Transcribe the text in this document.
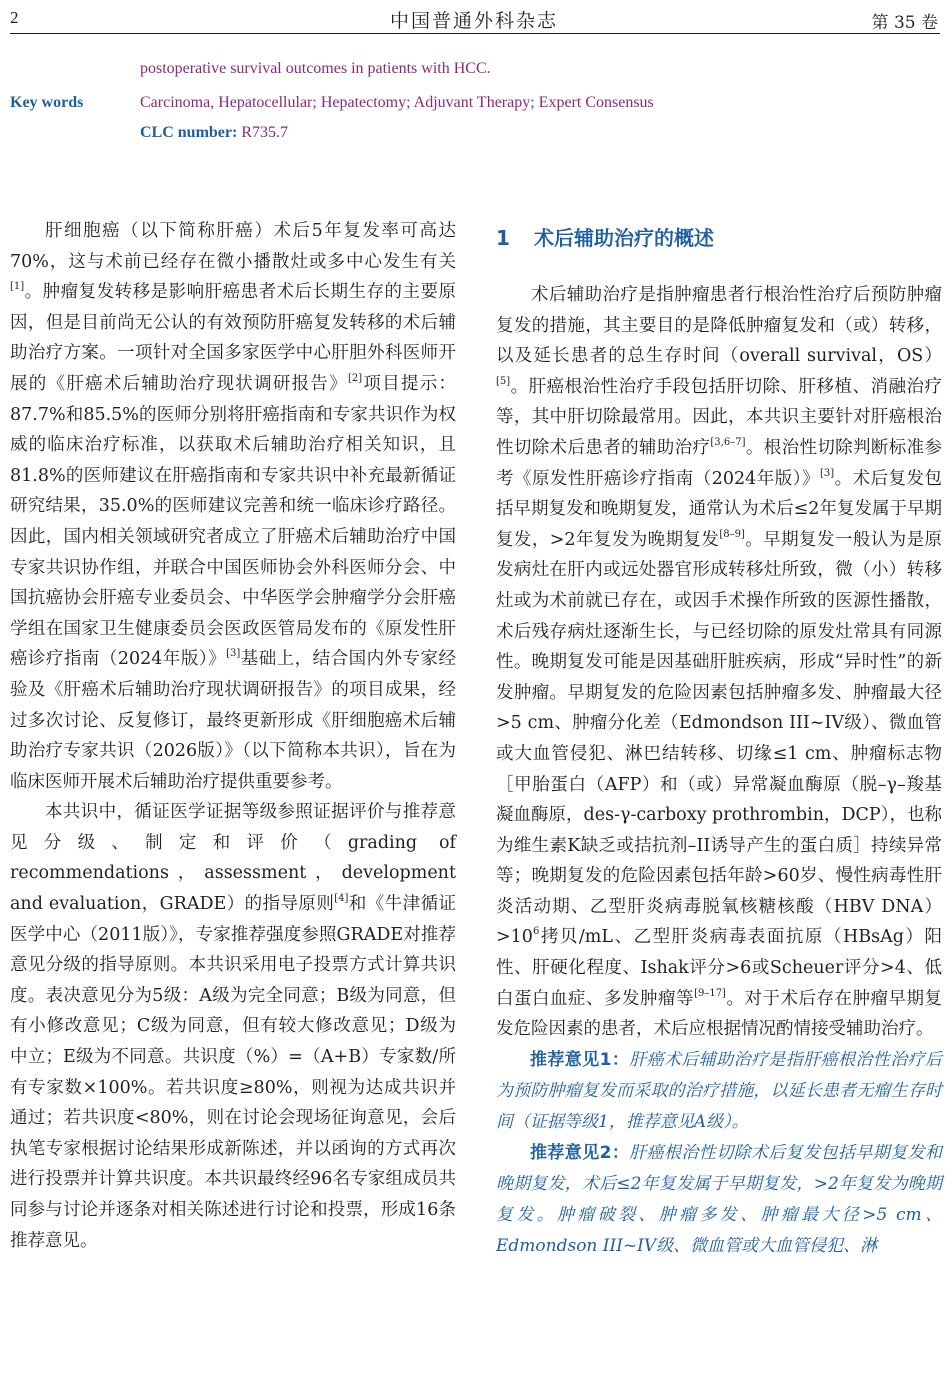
2	中国普通外科杂志	第 35 卷
postoperative survival outcomes in patients with HCC.
Key words	Carcinoma, Hepatocellular; Hepatectomy; Adjuvant Therapy; Expert Consensus
CLC number: R735.7

肝细胞癌（以下简称肝癌）术后5年复发率可高达70%，这与术前已经存在微小播散灶或多中心发生有关[1]。肿瘤复发转移是影响肝癌患者术后长期生存的主要原因，但是目前尚无公认的有效预防肝癌复发转移的术后辅助治疗方案。一项针对全国多家医学中心肝胆外科医师开展的《肝癌术后辅助治疗现状调研报告》[2]项目提示：87.7%和85.5%的医师分别将肝癌指南和专家共识作为权威的临床治疗标准，以获取术后辅助治疗相关知识，且81.8%的医师建议在肝癌指南和专家共识中补充最新循证研究结果，35.0%的医师建议完善和统一临床诊疗路径。因此，国内相关领域研究者成立了肝癌术后辅助治疗中国专家共识协作组，并联合中国医师协会外科医师分会、中国抗癌协会肝癌专业委员会、中华医学会肿瘤学分会肝癌学组在国家卫生健康委员会医政医管局发布的《原发性肝癌诊疗指南（2024年版）》[3]基础上，结合国内外专家经验及《肝癌术后辅助治疗现状调研报告》的项目成果，经过多次讨论、反复修订，最终更新形成《肝细胞癌术后辅助治疗专家共识（2026版）》（以下简称本共识），旨在为临床医师开展术后辅助治疗提供重要参考。

本共识中，循证医学证据等级参照证据评价与推荐意见分级、制定和评价（grading of recommendations，assessment，development and evaluation，GRADE）的指导原则[4]和《牛津循证医学中心（2011版）》，专家推荐强度参照GRADE对推荐意见分级的指导原则。本共识采用电子投票方式计算共识度。表决意见分为5级：A级为完全同意；B级为同意，但有小修改意见；C级为同意，但有较大修改意见；D级为中立；E级为不同意。共识度（%）=（A+B）专家数/所有专家数×100%。若共识度≥80%，则视为达成共识并通过；若共识度<80%，则在讨论会现场征询意见，会后执笔专家根据讨论结果形成新陈述，并以函询的方式再次进行投票并计算共识度。本共识最终经96名专家组成员共同参与讨论并逐条对相关陈述进行讨论和投票，形成16条推荐意见。

1 术后辅助治疗的概述

术后辅助治疗是指肿瘤患者行根治性治疗后预防肿瘤复发的措施，其主要目的是降低肿瘤复发和（或）转移，以及延长患者的总生存时间（overall survival，OS）[5]。肝癌根治性治疗手段包括肝切除、肝移植、消融治疗等，其中肝切除最常用。因此，本共识主要针对肝癌根治性切除术后患者的辅助治疗[3,6–7]。根治性切除判断标准参考《原发性肝癌诊疗指南（2024年版）》[3]。术后复发包括早期复发和晚期复发，通常认为术后≤2年复发属于早期复发，>2年复发为晚期复发[8–9]。早期复发一般认为是原发病灶在肝内或远处器官形成转移灶所致，微（小）转移灶或为术前就已存在，或因手术操作所致的医源性播散，术后残存病灶逐渐生长，与已经切除的原发灶常具有同源性。晚期复发可能是因基础肝脏疾病，形成“异时性”的新发肿瘤。早期复发的危险因素包括肿瘤多发、肿瘤最大径>5 cm、肿瘤分化差（Edmondson III~IV级）、微血管或大血管侵犯、淋巴结转移、切缘≤1 cm、肿瘤标志物［甲胎蛋白（AFP）和（或）异常凝血酶原（脱–γ–羧基凝血酶原，des-γ-carboxy prothrombin，DCP），也称为维生素K缺乏或拮抗剂–II诱导产生的蛋白质］持续异常等；晚期复发的危险因素包括年龄>60岁、慢性病毒性肝炎活动期、乙型肝炎病毒脱氧核糖核酸（HBV $DNA)>10^6$拷贝/mL、乙型肝炎病毒表面抗原（HBsAg）阳性、肝硬化程度、Ishak评分>6或Scheuer评分>4、低白蛋白血症、多发肿瘤等[9–17]。对于术后存在肿瘤早期复发危险因素的患者，术后应根据情况酌情接受辅助治疗。

推荐意见1：肝癌术后辅助治疗是指肝癌根治性治疗后为预防肿瘤复发而采取的治疗措施，以延长患者无瘤生存时间（证据等级1，推荐意见A级）。

推荐意见2：肝癌根治性切除术后复发包括早期复发和晚期复发，术后≤2年复发属于早期复发，>2年复发为晚期复发。肿瘤破裂、肿瘤多发、肿瘤最大径>5 cm、Edmondson III~IV级、微血管或大血管侵犯、淋
